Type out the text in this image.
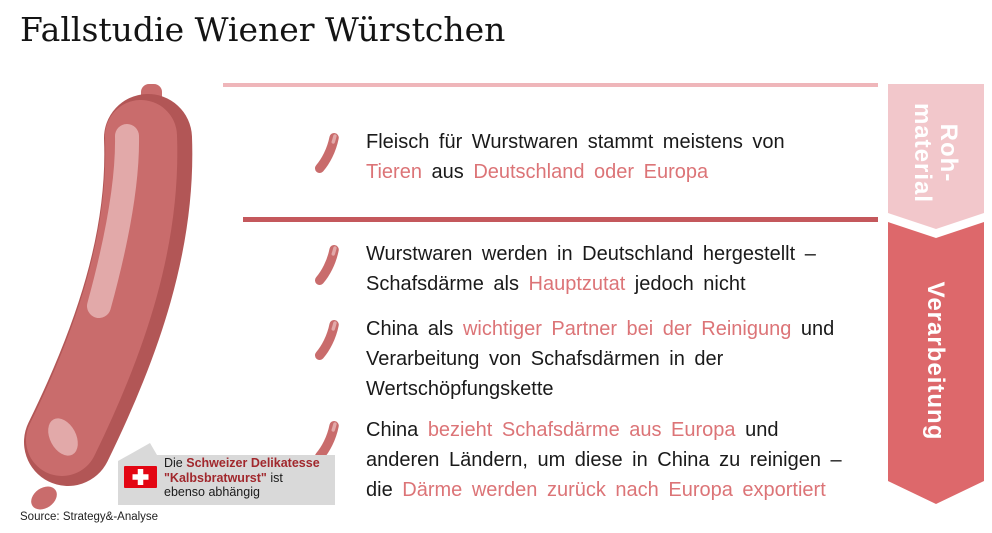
Fallstudie Wiener Würstchen
Fleisch für Wurstwaren stammt meistens von
Tieren aus Deutschland oder Europa
Wurstwaren werden in Deutschland hergestellt –
Schafsdärme als Hauptzutat jedoch nicht
China als wichtiger Partner bei der Reinigung und
Verarbeitung von Schafsdärmen in der
Wertschöpfungskette
China bezieht Schafsdärme aus Europa und
anderen Ländern, um diese in China zu reinigen –
die Därme werden zurück nach Europa exportiert
Roh-material
Verarbeitung
Die Schweizer Delikatesse
"Kalbsbratwurst" ist
ebenso abhängig
Source: Strategy&-Analyse
